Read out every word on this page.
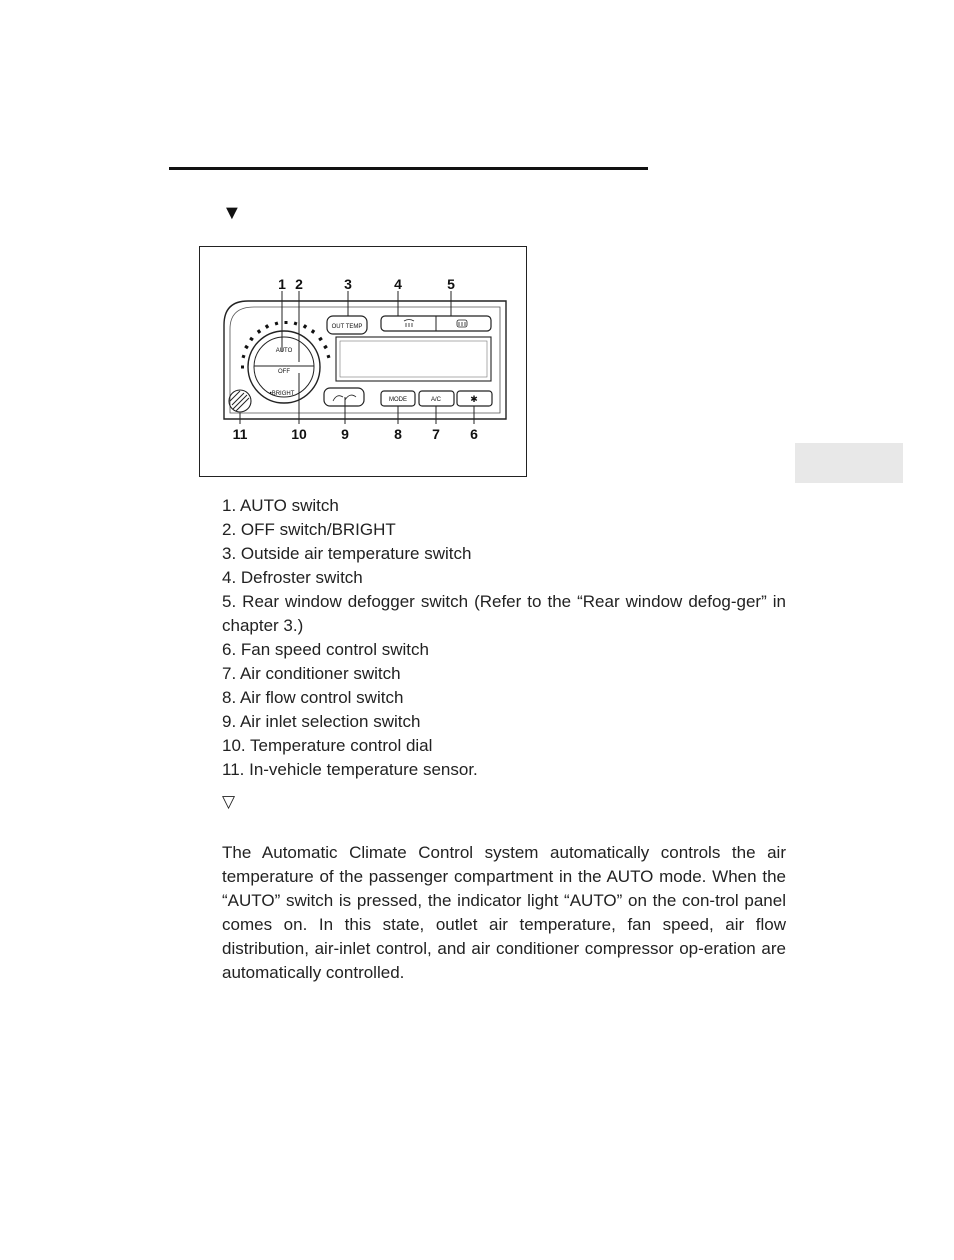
▼
AUTO
OFF
•BRIGHT
OUT TEMP
MODE	A/C	✱
1 2	3	4	5
11	10 9	8 7 6
1. AUTO switch
2. OFF switch/BRIGHT
3. Outside air temperature switch
4. Defroster switch
5. Rear window defogger switch (Refer to the “Rear window defog-ger” in chapter 3.)
6. Fan speed control switch
7. Air conditioner switch
8. Air flow control switch
9. Air inlet selection switch
10. Temperature control dial
11. In-vehicle temperature sensor.
▽

The Automatic Climate Control system automatically controls the air temperature of the passenger compartment in the AUTO mode. When the “AUTO” switch is pressed, the indicator light “AUTO” on the con-trol panel comes on. In this state, outlet air temperature, fan speed, air flow distribution, air-inlet control, and air conditioner compressor op-eration are automatically controlled.
